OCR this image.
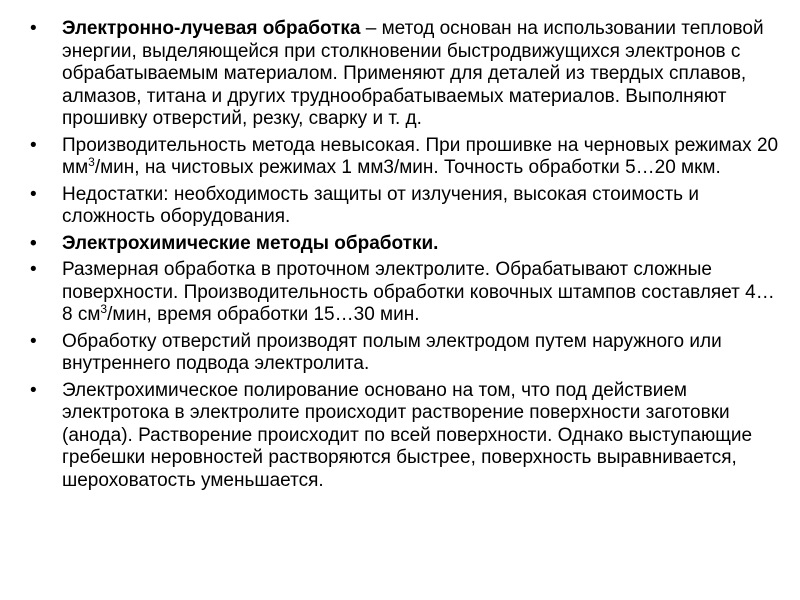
• Электронно-лучевая обработка – метод основан на использовании тепловой энергии, выделяющейся при столкновении быстродвижущихся электронов с обрабатываемым материалом. Применяют для деталей из твердых сплавов, алмазов, титана и других труднообрабатываемых материалов. Выполняют прошивку отверстий, резку, сварку и т. д.
• Производительность метода невысокая. При прошивке на черновых режимах 20 $мм^3$/мин, на чистовых режимах 1 мм3/мин. Точность обработки 5…20 мкм.
• Недостатки: необходимость защиты от излучения, высокая стоимость и сложность оборудования.
• Электрохимические методы обработки.
• Размерная обработка в проточном электролите. Обрабатывают сложные поверхности. Производительность обработки ковочных штампов составляет 4…8 $см^3$/мин, время обработки 15…30 мин.
• Обработку отверстий производят полым электродом путем наружного или внутреннего подвода электролита.
• Электрохимическое полирование основано на том, что под действием электротока в электролите происходит растворение поверхности заготовки (анода). Растворение происходит по всей поверхности. Однако выступающие гребешки неровностей растворяются быстрее, поверхность выравнивается, шероховатость уменьшается.
